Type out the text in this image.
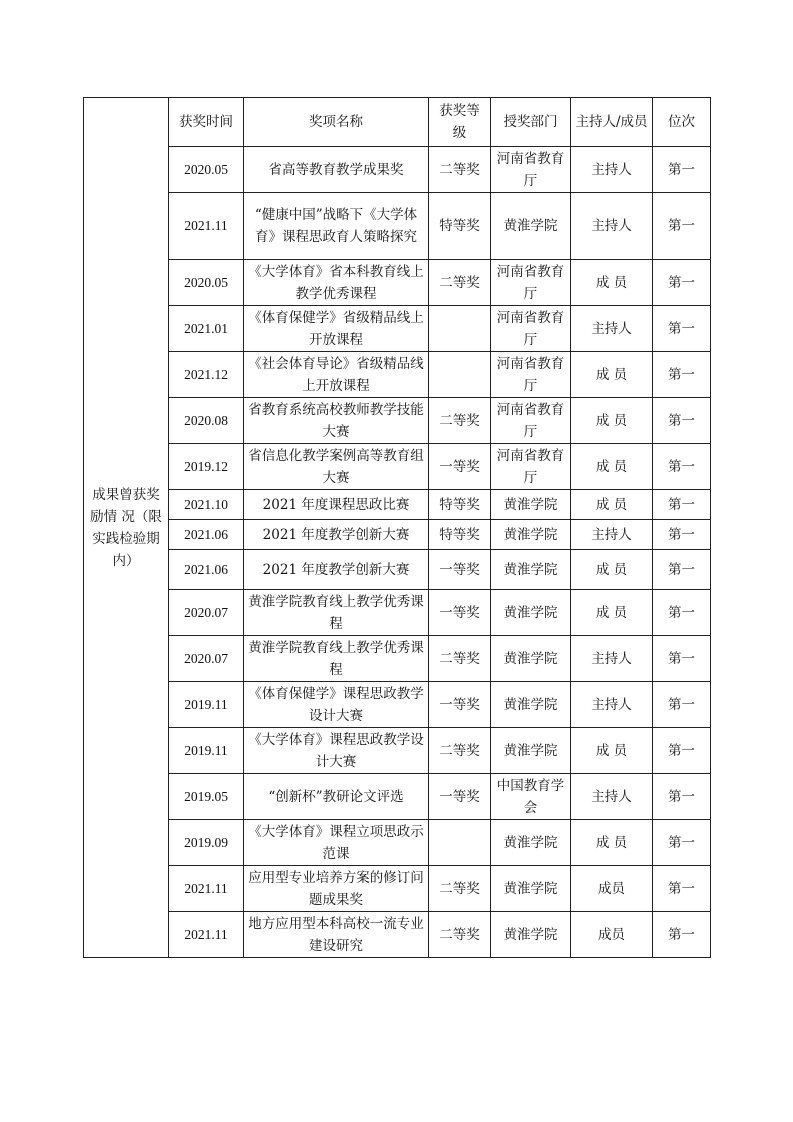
成果曾获奖励情 况（限实践检验期内）	获奖时间	奖项名称	获奖等级	授奖部门	主持人/成员	位次
	2020.05	省高等教育教学成果奖	二等奖	河南省教育厅	主持人	第一
	2021.11	“健康中国”战略下《大学体育》课程思政育人策略探究	特等奖	黄淮学院	主持人	第一
	2020.05	《大学体育》省本科教育线上教学优秀课程	二等奖	河南省教育厅	成 员	第一
	2021.01	《体育保健学》省级精品线上开放课程		河南省教育厅	主持人	第一
	2021.12	《社会体育导论》省级精品线上开放课程		河南省教育厅	成 员	第一
	2020.08	省教育系统高校教师教学技能大赛	二等奖	河南省教育厅	成 员	第一
	2019.12	省信息化教学案例高等教育组大赛	一等奖	河南省教育厅	成 员	第一
	2021.10	2021 年度课程思政比赛	特等奖	黄淮学院	成 员	第一
	2021.06	2021 年度教学创新大赛	特等奖	黄淮学院	主持人	第一
	2021.06	2021 年度教学创新大赛	一等奖	黄淮学院	成 员	第一
	2020.07	黄淮学院教育线上教学优秀课程	一等奖	黄淮学院	成 员	第一
	2020.07	黄淮学院教育线上教学优秀课程	二等奖	黄淮学院	主持人	第一
	2019.11	《体育保健学》课程思政教学设计大赛	一等奖	黄淮学院	主持人	第一
	2019.11	《大学体育》课程思政教学设计大赛	二等奖	黄淮学院	成 员	第一
	2019.05	“创新杯”教研论文评选	一等奖	中国教育学会	主持人	第一
	2019.09	《大学体育》课程立项思政示范课		黄淮学院	成 员	第一
	2021.11	应用型专业培养方案的修订问题成果奖	二等奖	黄淮学院	成员	第一
	2021.11	地方应用型本科高校一流专业建设研究	二等奖	黄淮学院	成员	第一
